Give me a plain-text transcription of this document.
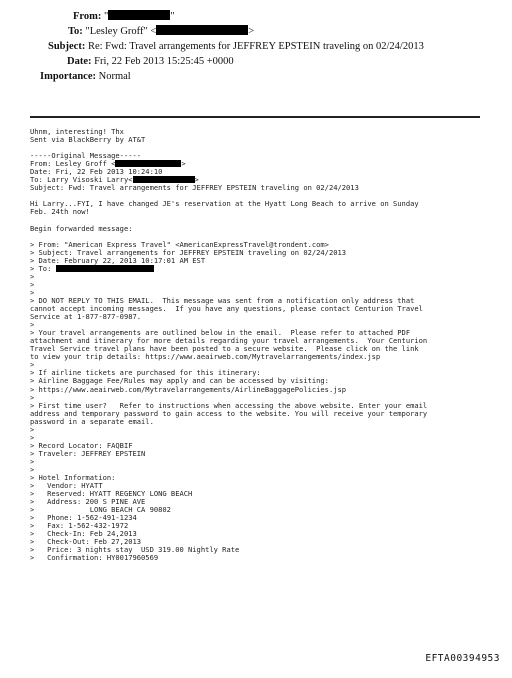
From: "	"
To: "Lesley Groff" <	>
Subject: Re: Fwd: Travel arrangements for JEFFREY EPSTEIN traveling on 02/24/2013
Date: Fri, 22 Feb 2013 15:25:45 +0000
Importance: Normal
Uhnm, interesting! Thx
Sent via BlackBerry by AT&T
-----Original Message-----
From: Lesley Groff <	>
Date: Fri, 22 Feb 2013 10:24:10
To: Larry Visoski Larry<	>
Subject: Fwd: Travel arrangements for JEFFREY EPSTEIN traveling on 02/24/2013
Hi Larry...FYI, I have changed JE's reservation at the Hyatt Long Beach to arrive on Sunday
Feb. 24th now!
Begin forwarded message:
> From: "American Express Travel" <AmericanExpressTravel@trondent.com>
> Subject: Travel arrangements for JEFFREY EPSTEIN traveling on 02/24/2013
> Date: February 22, 2013 10:17:01 AM EST
> To:
>
>
>
> DO NOT REPLY TO THIS EMAIL.  This message was sent from a notification only address that
cannot accept incoming messages.  If you have any questions, please contact Centurion Travel
Service at 1-877-877-0987.
>
> Your travel arrangements are outlined below in the email.  Please refer to attached PDF
attachment and itinerary for more details regarding your travel arrangements.  Your Centurion
Travel Service travel plans have been posted to a secure website.  Please click on the link
to view your trip details: https://www.aeairweb.com/Mytravelarrangements/index.jsp
>
> If airline tickets are purchased for this itinerary:
> Airline Baggage Fee/Rules may apply and can be accessed by visiting:
> https://www.aeairweb.com/Mytravelarrangements/AirlineBaggagePolicies.jsp
>
> First time user?   Refer to instructions when accessing the above website. Enter your email
address and temporary password to gain access to the website. You will receive your temporary
password in a separate email.
>
>
> Record Locator: FAQBIF
> Traveler: JEFFREY EPSTEIN
>
>
> Hotel Information:
>   Vendor: HYATT
>   Reserved: HYATT REGENCY LONG BEACH
>   Address: 200 S PINE AVE
>             LONG BEACH CA 90802
>   Phone: 1-562-491-1234
>   Fax: 1-562-432-1972
>   Check-In: Feb 24,2013
>   Check-Out: Feb 27,2013
>   Price: 3 nights stay  USD 319.00 Nightly Rate
>   Confirmation: HY0017960569
EFTA00394953
